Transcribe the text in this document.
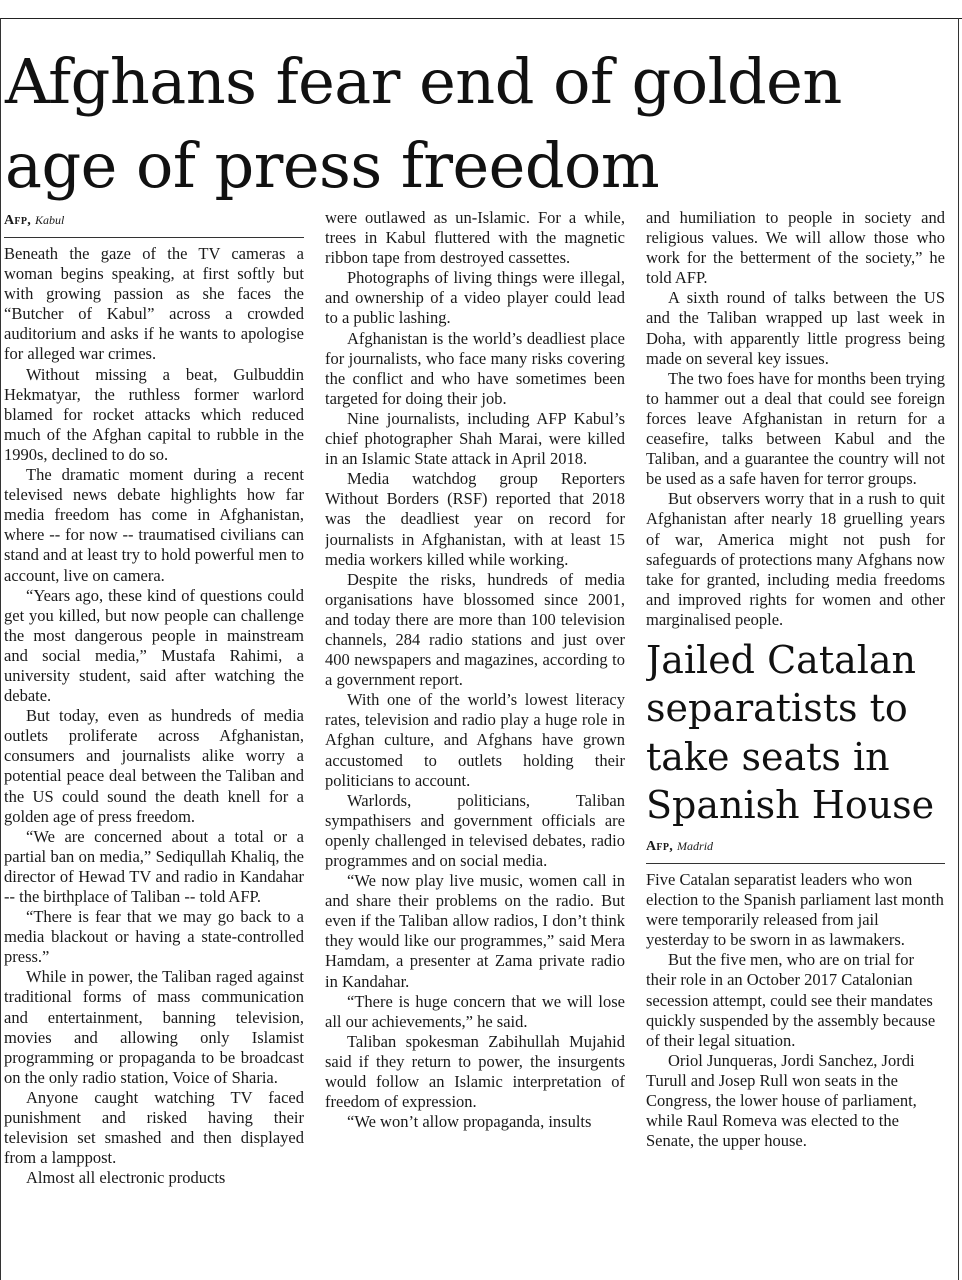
Afghans fear end of golden age of press freedom

Afp, Kabul

Beneath the gaze of the TV cameras a woman begins speaking, at first softly but with growing passion as she faces the “Butcher of Kabul” across a crowded auditorium and asks if he wants to apologise for alleged war crimes.

Without missing a beat, Gulbuddin Hekmatyar, the ruthless former warlord blamed for rocket attacks which reduced much of the Afghan capital to rubble in the 1990s, declined to do so.

The dramatic moment during a recent televised news debate highlights how far media freedom has come in Afghanistan, where -- for now -- traumatised civilians can stand and at least try to hold powerful men to account, live on camera.

“Years ago, these kind of questions could get you killed, but now people can challenge the most dangerous people in mainstream and social media,” Mustafa Rahimi, a university student, said after watching the debate.

But today, even as hundreds of media outlets proliferate across Afghanistan, consumers and journalists alike worry a potential peace deal between the Taliban and the US could sound the death knell for a golden age of press freedom.

“We are concerned about a total or a partial ban on media,” Sediqullah Khaliq, the director of Hewad TV and radio in Kandahar -- the birthplace of Taliban -- told AFP.

“There is fear that we may go back to a media blackout or having a state-controlled press.”

While in power, the Taliban raged against traditional forms of mass communication and entertainment, banning television, movies and allowing only Islamist programming or propaganda to be broadcast on the only radio station, Voice of Sharia.

Anyone caught watching TV faced punishment and risked having their television set smashed and then displayed from a lamppost.

Almost all electronic products

were outlawed as un-Islamic. For a while, trees in Kabul fluttered with the magnetic ribbon tape from destroyed cassettes.

Photographs of living things were illegal, and ownership of a video player could lead to a public lashing.

Afghanistan is the world’s deadliest place for journalists, who face many risks covering the conflict and who have sometimes been targeted for doing their job.

Nine journalists, including AFP Kabul’s chief photographer Shah Marai, were killed in an Islamic State attack in April 2018.

Media watchdog group Reporters Without Borders (RSF) reported that 2018 was the deadliest year on record for journalists in Afghanistan, with at least 15 media workers killed while working.

Despite the risks, hundreds of media organisations have blossomed since 2001, and today there are more than 100 television channels, 284 radio stations and just over 400 newspapers and magazines, according to a government report.

With one of the world’s lowest literacy rates, television and radio play a huge role in Afghan culture, and Afghans have grown accustomed to outlets holding their politicians to account.

Warlords, politicians, Taliban sympathisers and government officials are openly challenged in televised debates, radio programmes and on social media.

“We now play live music, women call in and share their problems on the radio. But even if the Taliban allow radios, I don’t think they would like our programmes,” said Mera Hamdam, a presenter at Zama private radio in Kandahar.

“There is huge concern that we will lose all our achievements,” he said.

Taliban spokesman Zabihullah Mujahid said if they return to power, the insurgents would follow an Islamic interpretation of freedom of expression.

“We won’t allow propaganda, insults

and humiliation to people in society and religious values. We will allow those who work for the betterment of the society,” he told AFP.

A sixth round of talks between the US and the Taliban wrapped up last week in Doha, with apparently little progress being made on several key issues.

The two foes have for months been trying to hammer out a deal that could see foreign forces leave Afghanistan in return for a ceasefire, talks between Kabul and the Taliban, and a guarantee the country will not be used as a safe haven for terror groups.

But observers worry that in a rush to quit Afghanistan after nearly 18 gruelling years of war, America might not push for safeguards of protections many Afghans now take for granted, including media freedoms and improved rights for women and other marginalised people.

Jailed Catalan separatists to take seats in Spanish House

Afp, Madrid

Five Catalan separatist leaders who won election to the Spanish parliament last month were temporarily released from jail yesterday to be sworn in as lawmakers.

But the five men, who are on trial for their role in an October 2017 Catalonian secession attempt, could see their mandates quickly suspended by the assembly because of their legal situation.

Oriol Junqueras, Jordi Sanchez, Jordi Turull and Josep Rull won seats in the Congress, the lower house of parliament, while Raul Romeva was elected to the Senate, the upper house.
